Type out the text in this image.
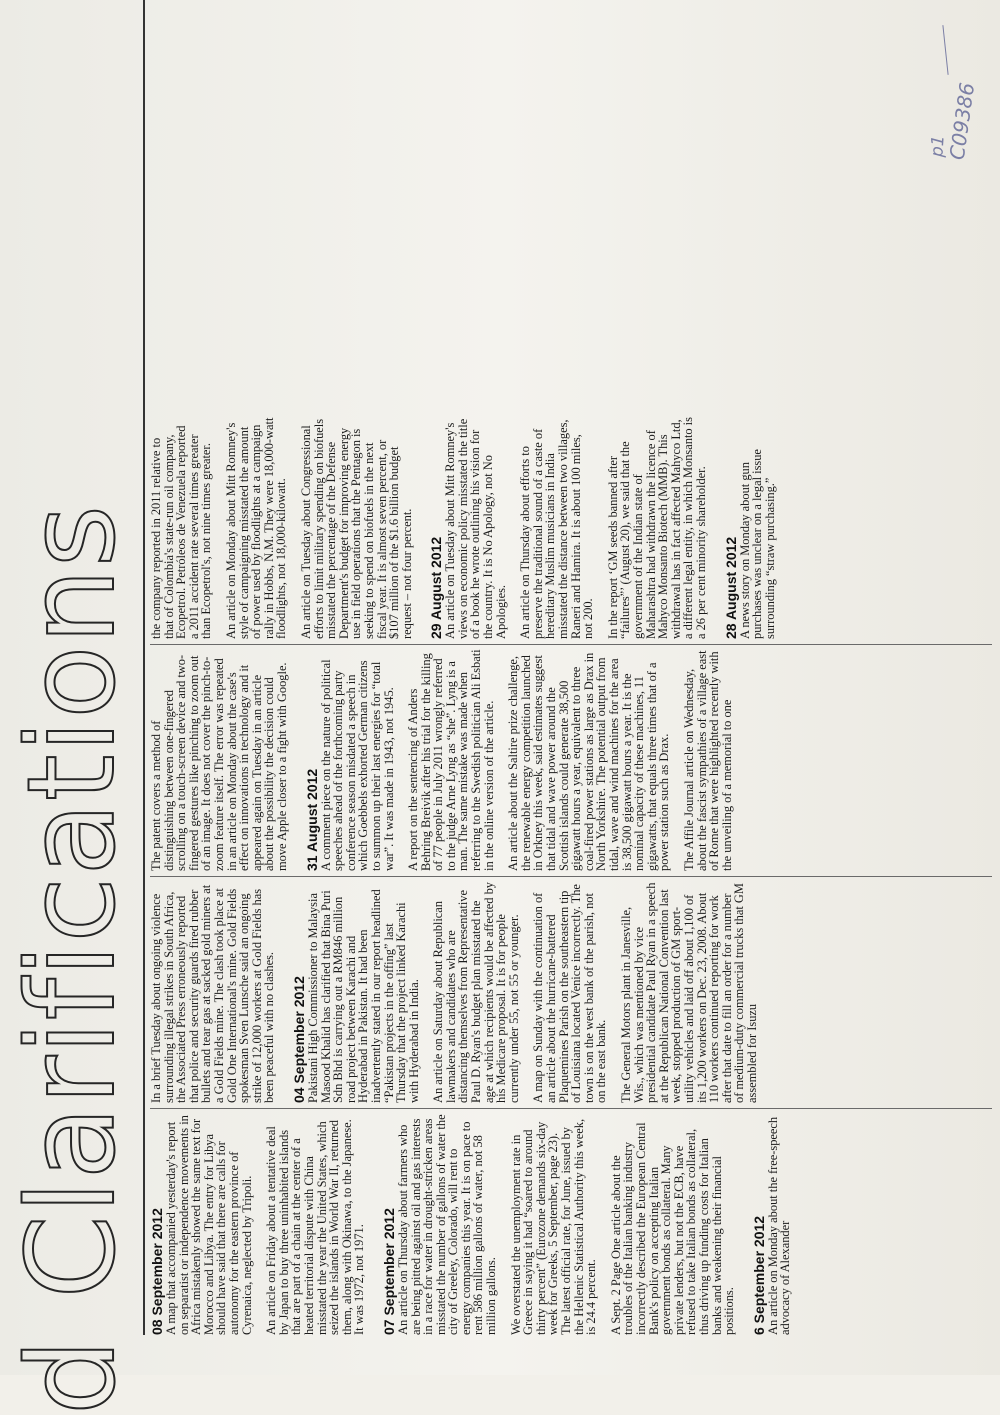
d Clarifications 08 September 2012 A map that accompanied yesterday's report on separatist or independence movements in Africa mistakenly showed the same text for Morocco and Libya. The entry for Libya should have said that there are calls for autonomy for the eastern province of Cyrenaica, neglected by Tripoli. An article on Friday about a tentative deal by Japan to buy three uninhabited islands that are part of a chain at the center of a heated territorial dispute with China misstated the year the United States, which seized the islands in World War II, returned them, along with Okinawa, to the Japanese. It was 1972, not 1971. 07 September 2012 An article on Thursday about farmers who are being pitted against oil and gas interests in a race for water in drought-stricken areas misstated the number of gallons of water the city of Greeley, Colorado, will rent to energy companies this year. It is on pace to rent 586 million gallons of water, not 58 million gallons. We overstated the unemployment rate in Greece in saying it had “soared to around thirty percent” (Eurozone demands six-day week for Greeks, 5 September, page 23). The latest official rate, for June, issued by the Hellenic Statistical Authority this week, is 24.4 percent. A Sept. 2 Page One article about the troubles of the Italian banking industry incorrectly described the European Central Bank's policy on accepting Italian government bonds as collateral. Many private lenders, but not the ECB, have refused to take Italian bonds as collateral, thus driving up funding costs for Italian banks and weakening their financial positions. 6 September 2012 An article on Monday about the free-speech advocacy of Alexander

In a brief Tuesday about ongoing violence surrounding illegal strikes in South Africa, the Associated Press erroneously reported that police and security guards fired rubber bullets and tear gas at sacked gold miners at a Gold Fields mine. The clash took place at Gold One International's mine. Gold Fields spokesman Sven Lunsche said an ongoing strike of 12,000 workers at Gold Fields has been peaceful with no clashes. 04 September 2012 Pakistani High Commissioner to Malaysia Masood Khalid has clarified that Bina Puri Sdn Bhd is carrying out a RM846 million road project between Karachi and Hyderabad in Pakistan. It had been inadvertently stated in our report headlined “Pakistan projects in the offing” last Thursday that the project linked Karachi with Hyderabad in India. An article on Saturday about Republican lawmakers and candidates who are distancing themselves from Representative Paul D. Ryan's budget plan misstated the age at which recipients would be affected by his Medicare proposal. It is for people currently under 55, not 55 or younger. A map on Sunday with the continuation of an article about the hurricane-battered Plaquemines Parish on the southeastern tip of Louisiana located Venice incorrectly. The town is on the west bank of the parish, not on the east bank. The General Motors plant in Janesville, Wis., which was mentioned by vice presidential candidate Paul Ryan in a speech at the Republican National Convention last week, stopped production of GM sport-utility vehicles and laid off about 1,100 of its 1,200 workers on Dec. 23, 2008. About 110 workers continued reporting for work after that date to fill an order for a number of medium-duty commercial trucks that GM assembled for Isuzu

The patent covers a method of distinguishing between one-fingered scrolling on a touch-screen device and two-fingered gestures like pinching to zoom out of an image. It does not cover the pinch-to-zoom feature itself. The error was repeated in an article on Monday about the case's effect on innovations in technology and it appeared again on Tuesday in an article about the possibility the decision could move Apple closer to a fight with Google. 31 August 2012 A comment piece on the nature of political speeches ahead of the forthcoming party conference season misdated a speech in which Goebbels exhorted German citizens to summon up their last energies for “total war”. It was made in 1943, not 1945. A report on the sentencing of Anders Behring Breivik after his trial for the killing of 77 people in July 2011 wrongly referred to the judge Arne Lyng as “she”. Lyng is a man. The same mistake was made when referring to the Swedish politician Ali Esbati in the online version of the article. An article about the Saltire prize challenge, the renewable energy competition launched in Orkney this week, said estimates suggest that tidal and wave power around the Scottish islands could generate 38,500 gigawatt hours a year, equivalent to three coal-fired power stations as large as Drax in North Yorkshire. The potential output from tidal, wave and wind machines for the area is 38,500 gigawatt hours a year. It is the nominal capacity of these machines, 11 gigawatts, that equals three times that of a power station such as Drax. The Affile Journal article on Wednesday, about the fascist sympathies of a village east of Rome that were highlighted recently with the unveiling of a memorial to one

the company reported in 2011 relative to that of Colombia's state-run oil company, Ecopetrol. Petróleos de Venezuela reported a 2011 accident rate several times greater than Ecopetrol's, not nine times greater. An article on Monday about Mitt Romney's style of campaigning misstated the amount of power used by floodlights at a campaign rally in Hobbs, N.M. They were 18,000-watt floodlights, not 18,000-kilowatt. An article on Tuesday about Congressional efforts to limit military spending on biofuels misstated the percentage of the Defense Department's budget for improving energy use in field operations that the Pentagon is seeking to spend on biofuels in the next fiscal year. It is almost seven percent, or $107 million of the $1.6 billion budget request – not four percent. 29 August 2012 An article on Tuesday about Mitt Romney's views on economic policy misstated the title of a book he wrote outlining his vision for the country. It is No Apology, not No Apologies. An article on Thursday about efforts to preserve the traditional sound of a caste of hereditary Muslim musicians in India misstated the distance between two villages, Raneri and Hamira. It is about 100 miles, not 200. In the report ‘GM seeds banned after “failures”’ (August 20), we said that the government of the Indian state of Maharashtra had withdrawn the licence of Mahyco Monsanto Biotech (MMB). This withdrawal has in fact affected Mahyco Ltd, a different legal entity, in which Monsanto is a 26 per cent minority shareholder. 28 August 2012 A news story on Monday about gun purchases was unclear on a legal issue surrounding “straw purchasing.”

C09386
p1
